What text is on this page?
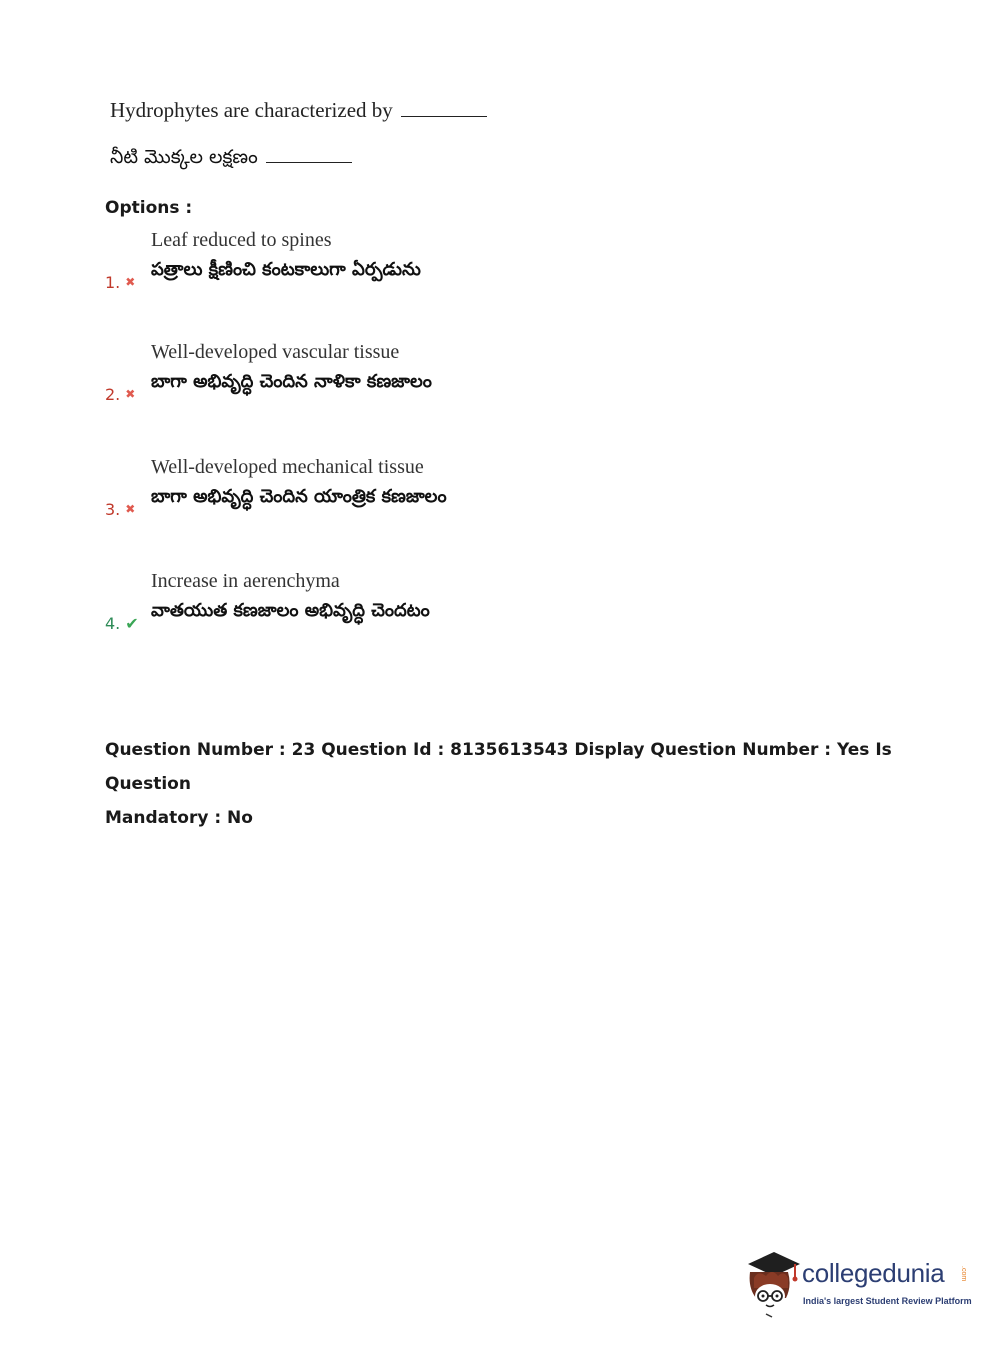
Hydrophytes are characterized by
నీటి మొక్కల లక్షణం
Options :
Leaf reduced to spines
పత్రాలు క్షీణించి కంటకాలుగా ఏర్పడును
1. ✖
Well-developed vascular tissue
బాగా అభివృద్ధి చెందిన నాళికా కణజాలం
2. ✖
Well-developed mechanical tissue
బాగా అభివృద్ధి చెందిన యాంత్రిక కణజాలం
3. ✖
Increase in aerenchyma
వాతయుత కణజాలం అభివృద్ధి చెందటం
4. ✔
Question Number : 23 Question Id : 8135613543 Display Question Number : Yes Is Question
Mandatory : No
collegedunia .com
India's largest Student Review Platform
